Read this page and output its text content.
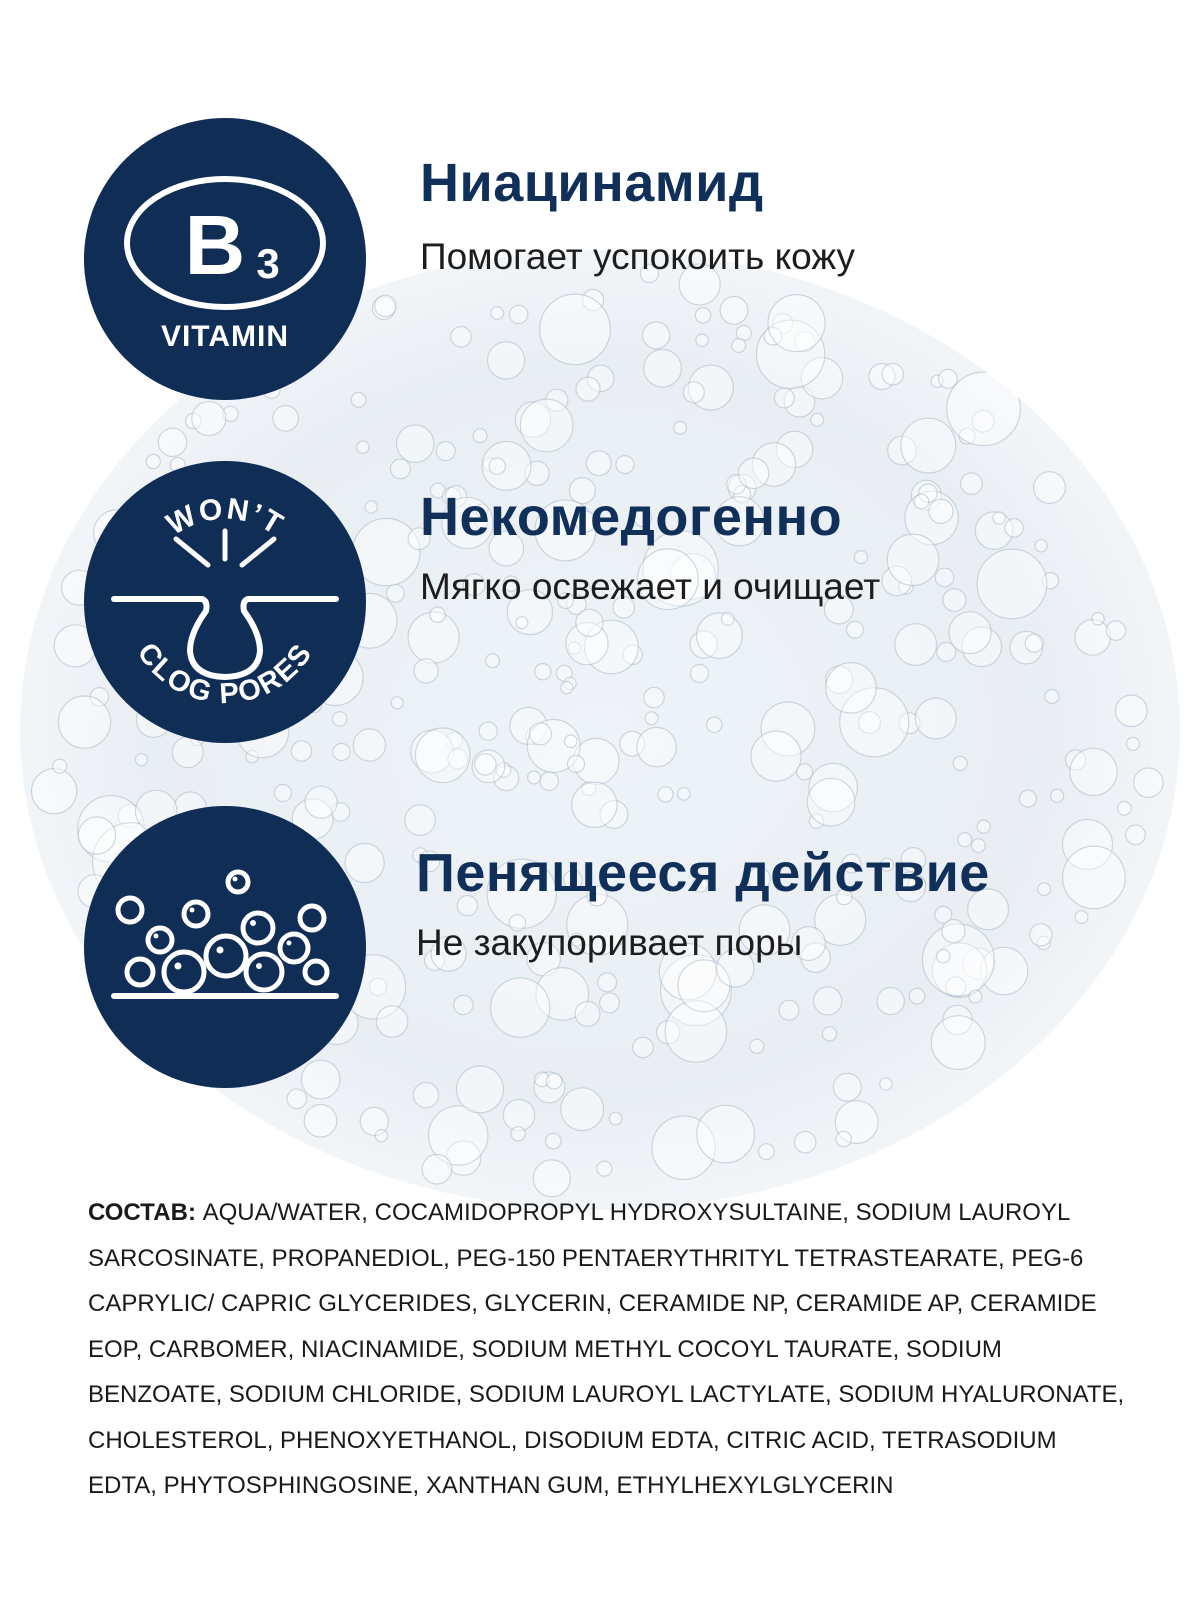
B 3
VITAMIN
WON’T
CLOG PORES
Ниацинамид

Помогает успокоить кожу

Некомедогенно

Мягко освежает и очищает

Пенящееся действие

Не закупоривает поры

СОСТАВ: AQUA/WATER, COCAMIDOPROPYL HYDROXYSULTAINE, SODIUM LAUROYL SARCOSINATE, PROPANEDIOL, PEG-150 PENTAERYTHRITYL TETRASTEARATE, PEG-6 CAPRYLIC/ CAPRIC GLYCERIDES, GLYCERIN, CERAMIDE NP, CERAMIDE AP, CERAMIDE EOP, CARBOMER, NIACINAMIDE, SODIUM METHYL COCOYL TAURATE, SODIUM BENZOATE, SODIUM CHLORIDE, SODIUM LAUROYL LACTYLATE, SODIUM HYALURONATE, CHOLESTEROL, PHENOXYETHANOL, DISODIUM EDTA, CITRIC ACID, TETRASODIUM EDTA, PHYTOSPHINGOSINE, XANTHAN GUM, ETHYLHEXYLGLYCERIN
